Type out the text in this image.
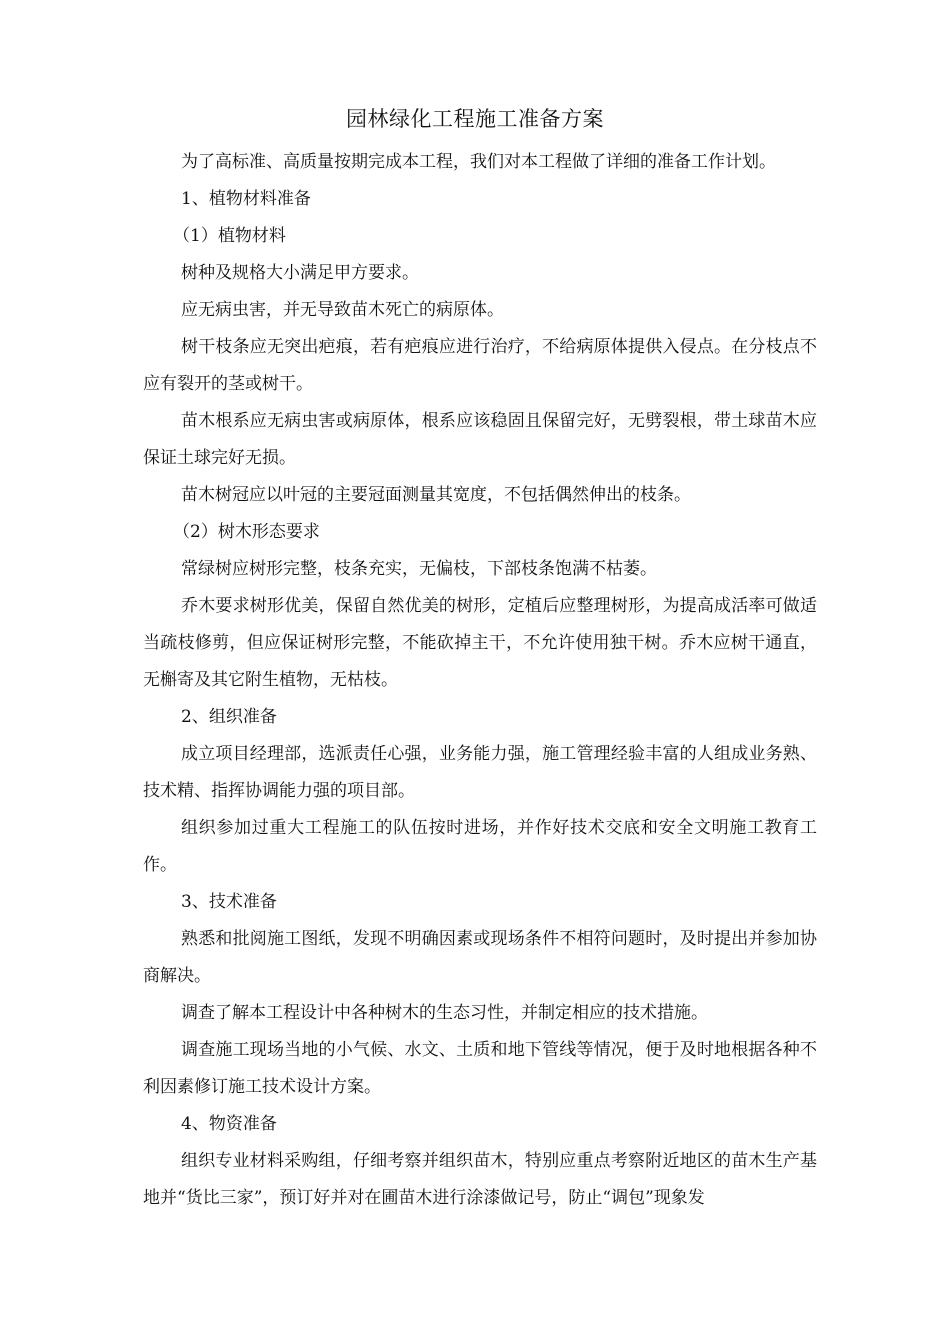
园林绿化工程施工准备方案

为了高标准、高质量按期完成本工程，我们对本工程做了详细的准备工作计划。

1、植物材料准备

（1）植物材料

树种及规格大小满足甲方要求。

应无病虫害，并无导致苗木死亡的病原体。

树干枝条应无突出疤痕，若有疤痕应进行治疗，不给病原体提供入侵点。在分枝点不应有裂开的茎或树干。

苗木根系应无病虫害或病原体，根系应该稳固且保留完好，无劈裂根，带土球苗木应保证土球完好无损。

苗木树冠应以叶冠的主要冠面测量其宽度，不包括偶然伸出的枝条。

（2）树木形态要求

常绿树应树形完整，枝条充实，无偏枝，下部枝条饱满不枯萎。

乔木要求树形优美，保留自然优美的树形，定植后应整理树形，为提高成活率可做适当疏枝修剪，但应保证树形完整，不能砍掉主干，不允许使用独干树。乔木应树干通直，无槲寄及其它附生植物，无枯枝。

2、组织准备

成立项目经理部，选派责任心强，业务能力强，施工管理经验丰富的人组成业务熟、技术精、指挥协调能力强的项目部。

组织参加过重大工程施工的队伍按时进场，并作好技术交底和安全文明施工教育工作。

3、技术准备

熟悉和批阅施工图纸，发现不明确因素或现场条件不相符问题时，及时提出并参加协商解决。

调查了解本工程设计中各种树木的生态习性，并制定相应的技术措施。

调查施工现场当地的小气候、水文、土质和地下管线等情况，便于及时地根据各种不利因素修订施工技术设计方案。

4、物资准备

组织专业材料采购组，仔细考察并组织苗木，特别应重点考察附近地区的苗木生产基地并“货比三家”，预订好并对在圃苗木进行涂漆做记号，防止“调包”现象发
